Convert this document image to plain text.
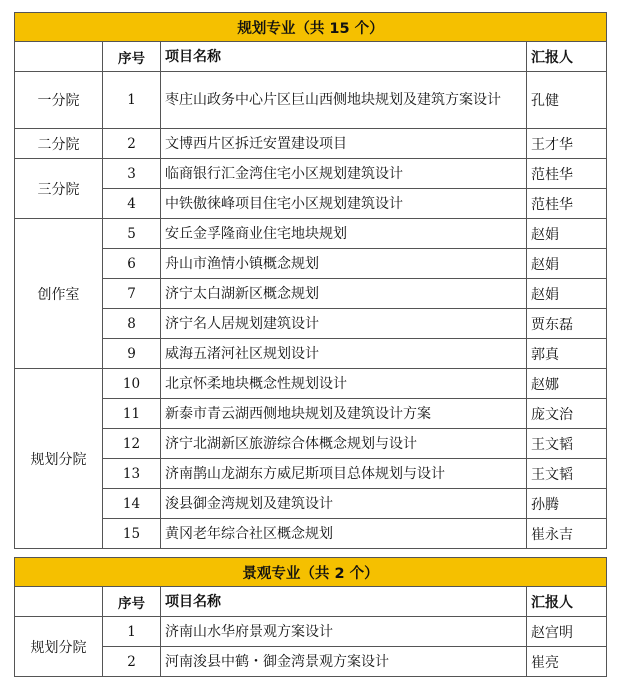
规划专业（共 15 个）			
	序号	项目名称	汇报人
一分院	1	枣庄山政务中心片区巨山西侧地块规划及建筑方案设计	孔健
二分院	2	文博西片区拆迁安置建设项目	王才华
三分院	3	临商银行汇金湾住宅小区规划建筑设计	范桂华
	4	中铁傲徕峰项目住宅小区规划建筑设计	范桂华
创作室	5	安丘金孚隆商业住宅地块规划	赵娟
	6	舟山市渔情小镇概念规划	赵娟
	7	济宁太白湖新区概念规划	赵娟
	8	济宁名人居规划建筑设计	贾东磊
	9	威海五渚河社区规划设计	郭真
规划分院	10	北京怀柔地块概念性规划设计	赵娜
	11	新泰市青云湖西侧地块规划及建筑设计方案	庞文治
	12	济宁北湖新区旅游综合体概念规划与设计	王文韬
	13	济南鹊山龙湖东方威尼斯项目总体规划与设计	王文韬
	14	浚县御金湾规划及建筑设计	孙腾
	15	黄冈老年综合社区概念规划	崔永吉

景观专业（共 2 个）			
	序号	项目名称	汇报人
规划分院	1	济南山水华府景观方案设计	赵宫明
	2	河南浚县中鹤・御金湾景观方案设计	崔亮
